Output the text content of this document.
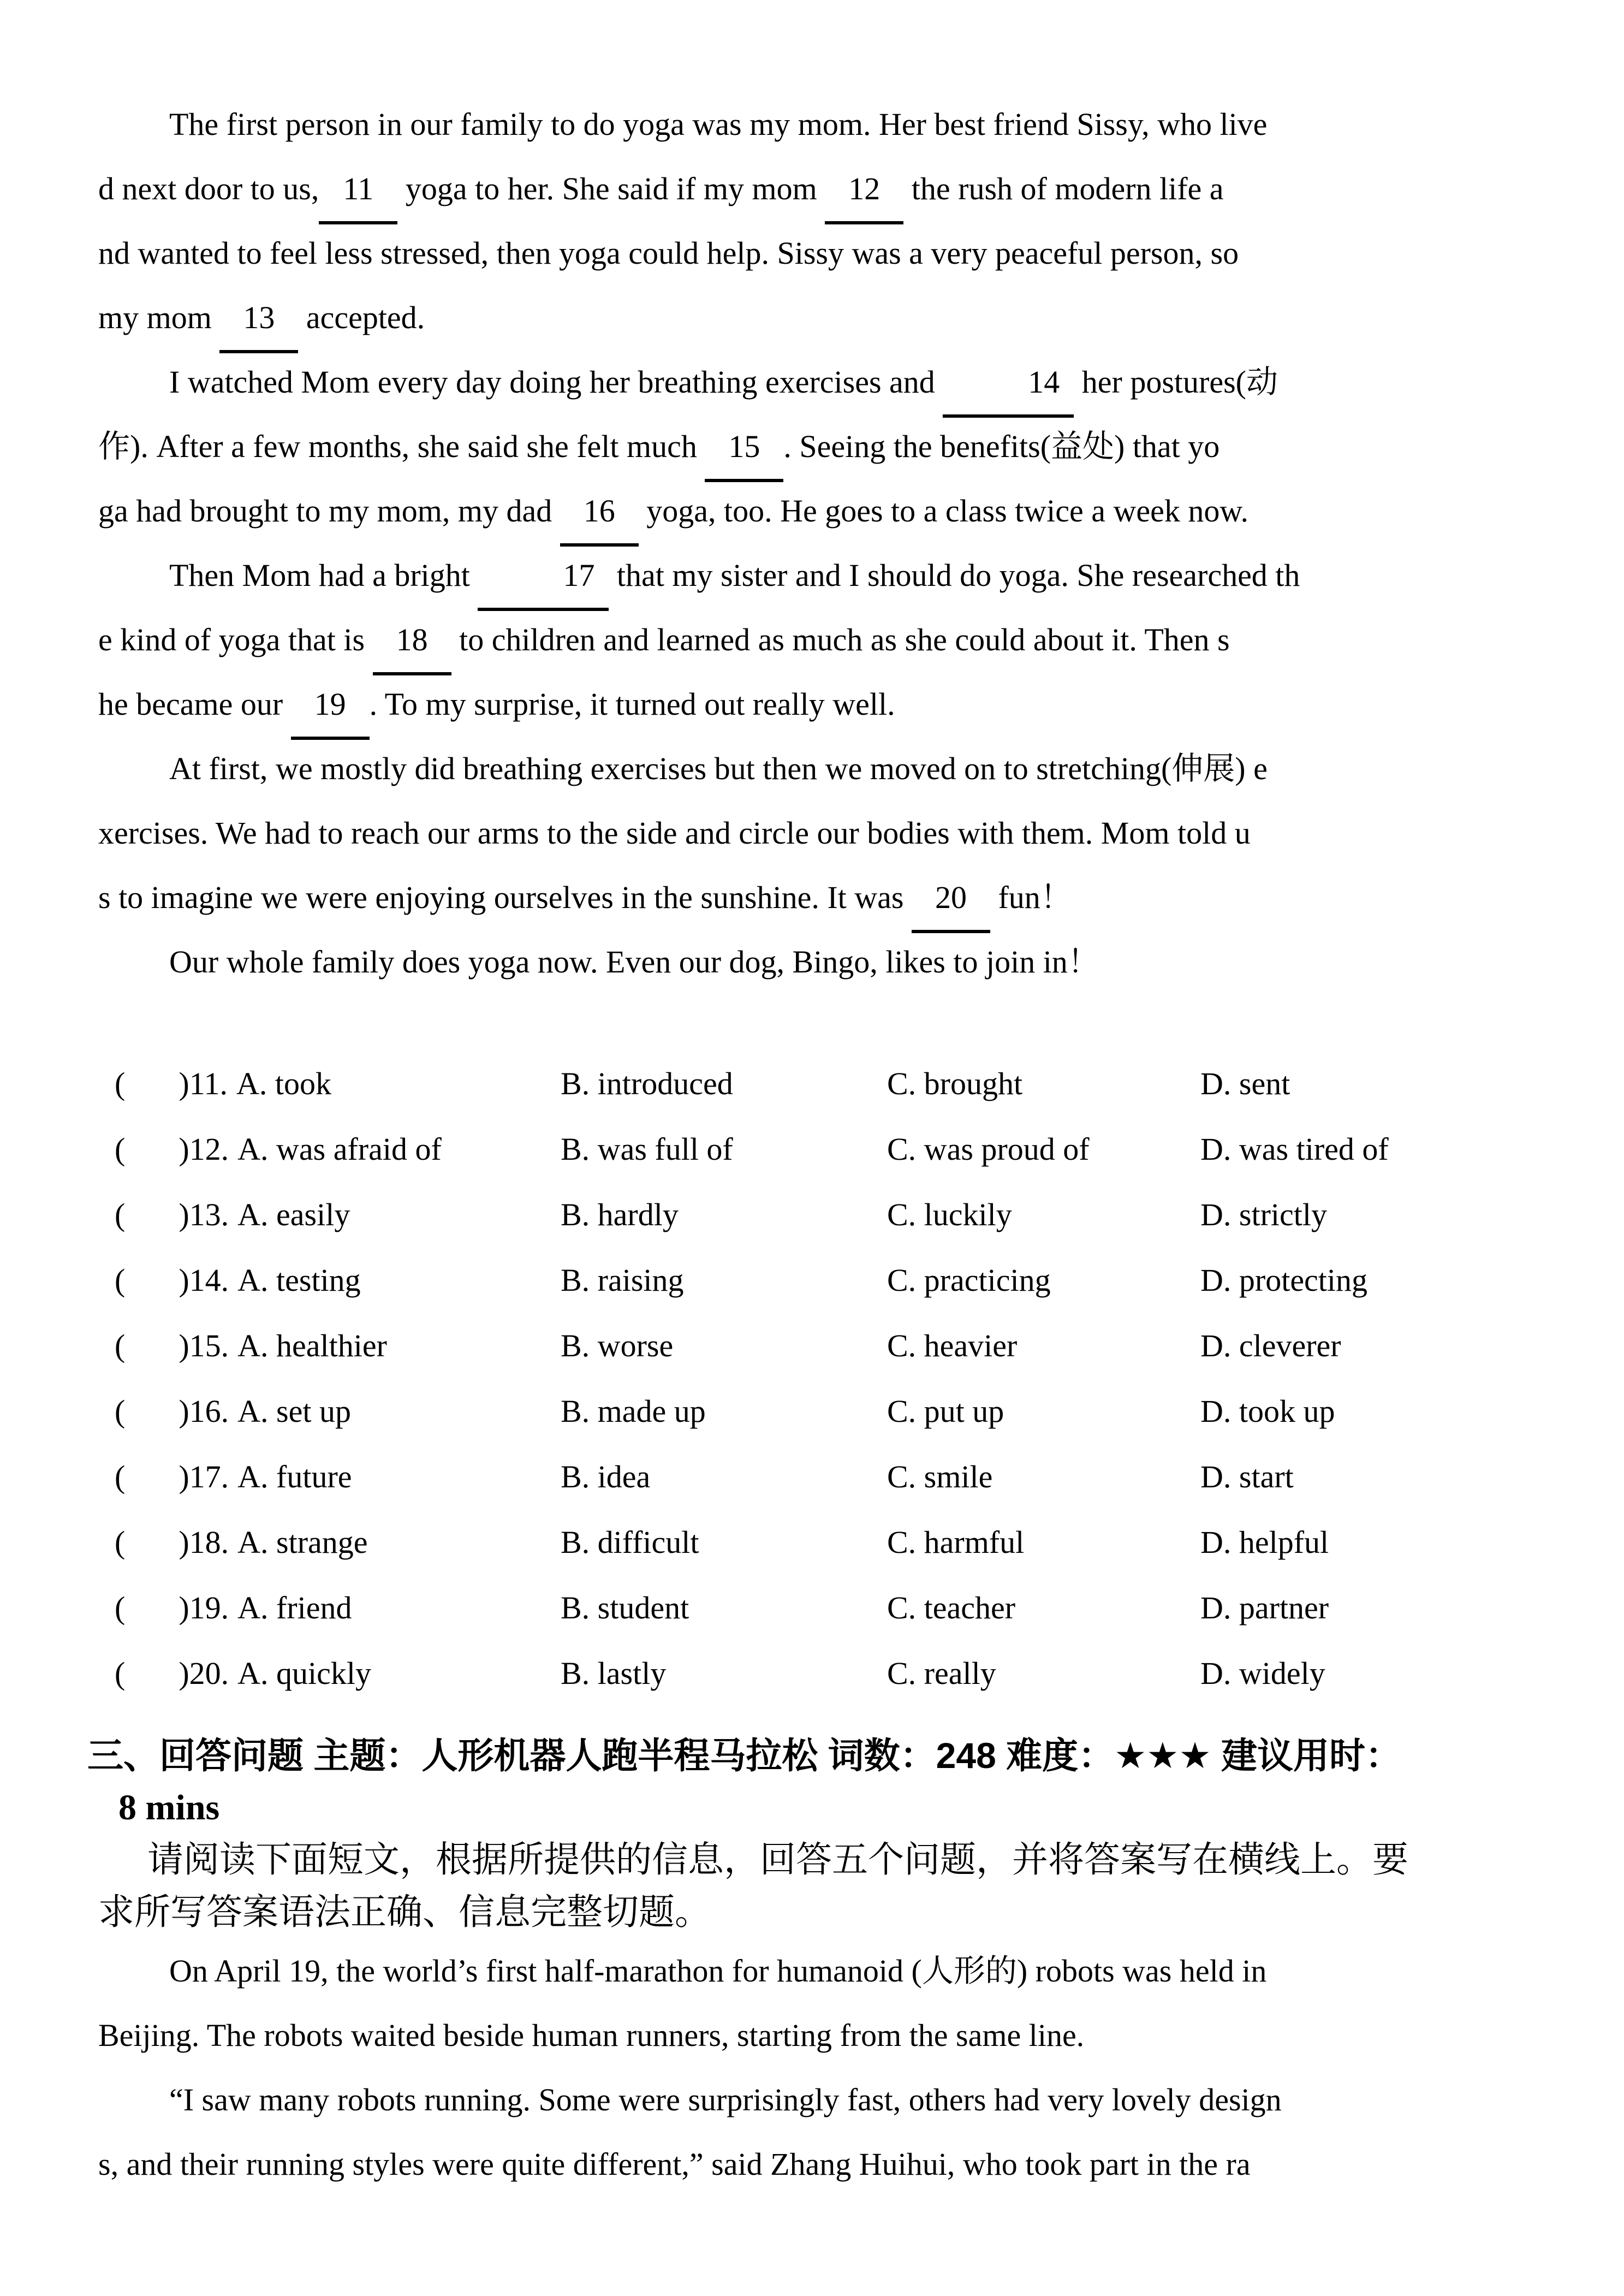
The first person in our family to do yoga was my mom. Her best friend Sissy, who live
d next door to us, 11 yoga to her. She said if my mom 12 the rush of modern life a
nd wanted to feel less stressed, then yoga could help. Sissy was a very peaceful person, so
my mom 13 accepted.
I watched Mom every day doing her breathing exercises and	14 her postures(动
作). After a few months, she said she felt much 15 . Seeing the benefits(益处) that yo
ga had brought to my mom, my dad 16 yoga, too. He goes to a class twice a week now.
Then Mom had a bright	17 that my sister and I should do yoga. She researched th
e kind of yoga that is 18 to children and learned as much as she could about it. Then s
he became our 19 . To my surprise, it turned out really well.
At first, we mostly did breathing exercises but then we moved on to stretching(伸展) e
xercises. We had to reach our arms to the side and circle our bodies with them. Mom told u
s to imagine we were enjoying ourselves in the sunshine. It was 20 fun！
Our whole family does yoga now. Even our dog, Bingo, likes to join in！
(　)11. A. took	B. introduced	C. brought	D. sent
(　)12. A. was afraid of	B. was full of	C. was proud of	D. was tired of
(　)13. A. easily	B. hardly	C. luckily	D. strictly
(　)14. A. testing	B. raising	C. practicing	D. protecting
(　)15. A. healthier	B. worse	C. heavier	D. cleverer
(　)16. A. set up	B. made up	C. put up	D. took up
(　)17. A. future	B. idea	C. smile	D. start
(　)18. A. strange	B. difficult	C. harmful	D. helpful
(　)19. A. friend	B. student	C. teacher	D. partner
(　)20. A. quickly	B. lastly	C. really	D. widely
三、回答问题 主题：人形机器人跑半程马拉松 词数：248 难度：★★★ 建议用时：
8 mins
请阅读下面短文，根据所提供的信息，回答五个问题，并将答案写在横线上。要
求所写答案语法正确、信息完整切题。
On April 19, the world’s first half-marathon for humanoid (人形的) robots was held in
Beijing. The robots waited beside human runners, starting from the same line.
“I saw many robots running. Some were surprisingly fast, others had very lovely design
s, and their running styles were quite different,” said Zhang Huihui, who took part in the ra
